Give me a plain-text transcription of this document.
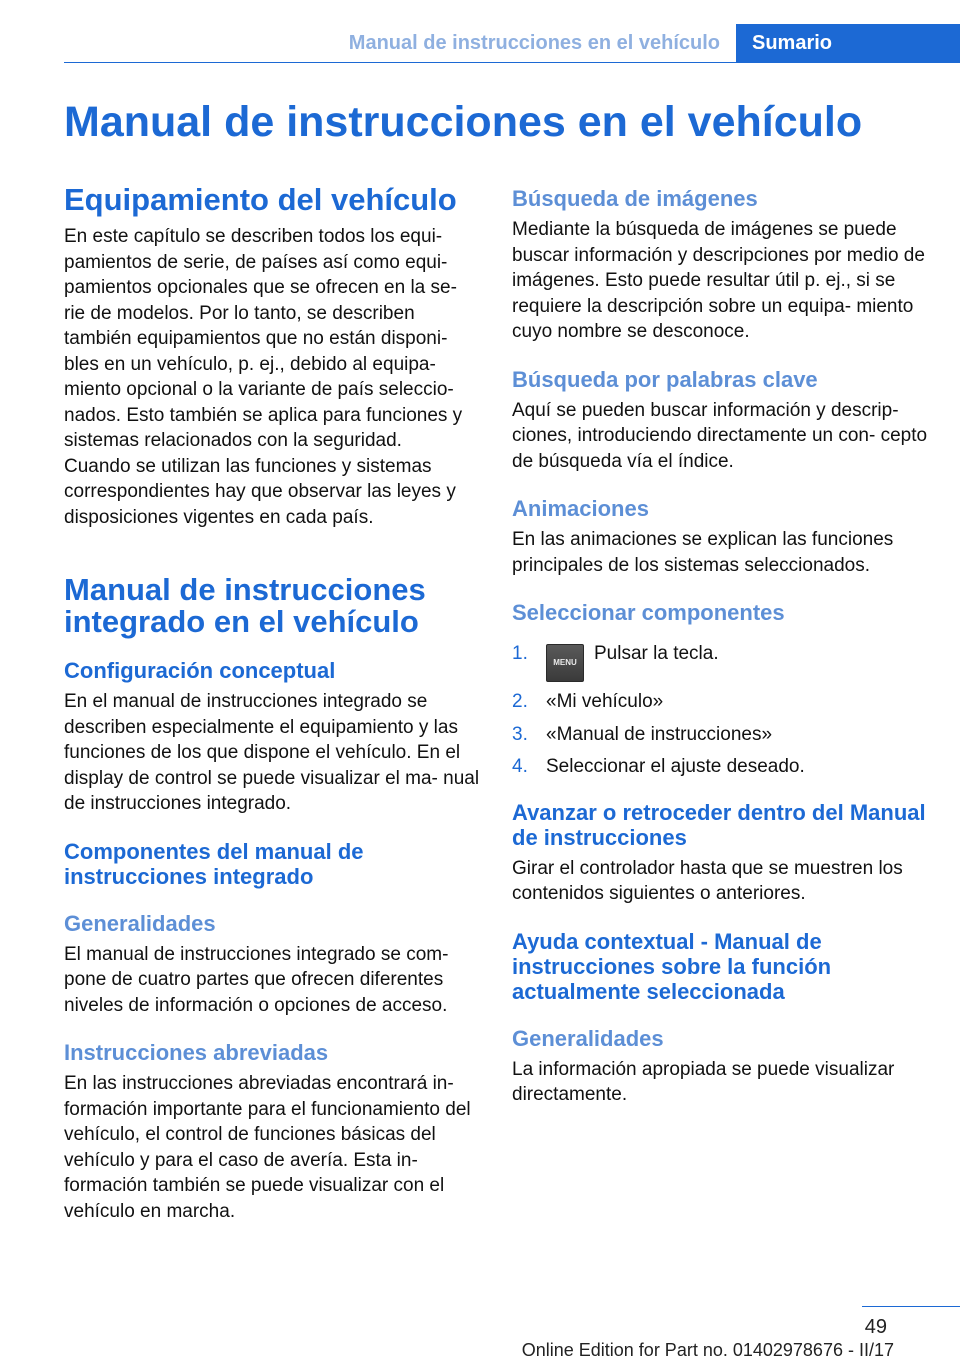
Manual de instrucciones en el vehículo	Sumario
Manual de instrucciones en el vehículo
Equipamiento del vehículo

En este capítulo se describen todos los equi‐ pamientos de serie, de países así como equi‐ pamientos opcionales que se ofrecen en la se‐ rie de modelos. Por lo tanto, se describen también equipamientos que no están disponi‐ bles en un vehículo, p. ej., debido al equipa‐ miento opcional o la variante de país seleccio‐ nados. Esto también se aplica para funciones y sistemas relacionados con la seguridad.

Cuando se utilizan las funciones y sistemas correspondientes hay que observar las leyes y disposiciones vigentes en cada país.

Manual de instrucciones integrado en el vehículo
Configuración conceptual

En el manual de instrucciones integrado se describen especialmente el equipamiento y las funciones de los que dispone el vehículo. En el display de control se puede visualizar el ma‐ nual de instrucciones integrado.

Componentes del manual de instrucciones integrado
Generalidades

El manual de instrucciones integrado se com‐ pone de cuatro partes que ofrecen diferentes niveles de información o opciones de acceso.

Instrucciones abreviadas

En las instrucciones abreviadas encontrará in‐ formación importante para el funcionamiento del vehículo, el control de funciones básicas del vehículo y para el caso de avería. Esta in‐ formación también se puede visualizar con el vehículo en marcha.

Búsqueda de imágenes

Mediante la búsqueda de imágenes se puede buscar información y descripciones por medio de imágenes. Esto puede resultar útil p. ej., si se requiere la descripción sobre un equipa‐ miento cuyo nombre se desconoce.

Búsqueda por palabras clave

Aquí se pueden buscar información y descrip‐ ciones, introduciendo directamente un con‐ cepto de búsqueda vía el índice.

Animaciones

En las animaciones se explican las funciones principales de los sistemas seleccionados.

Seleccionar componentes
1.	MENU Pulsar la tecla.
2. «Mi vehículo»
3. «Manual de instrucciones»
4. Seleccionar el ajuste deseado.
Avanzar o retroceder dentro del Manual de instrucciones

Girar el controlador hasta que se muestren los contenidos siguientes o anteriores.

Ayuda contextual - Manual de instrucciones sobre la función actualmente seleccionada
Generalidades

La información apropiada se puede visualizar directamente.

49
Online Edition for Part no. 01402978676 - II/17
